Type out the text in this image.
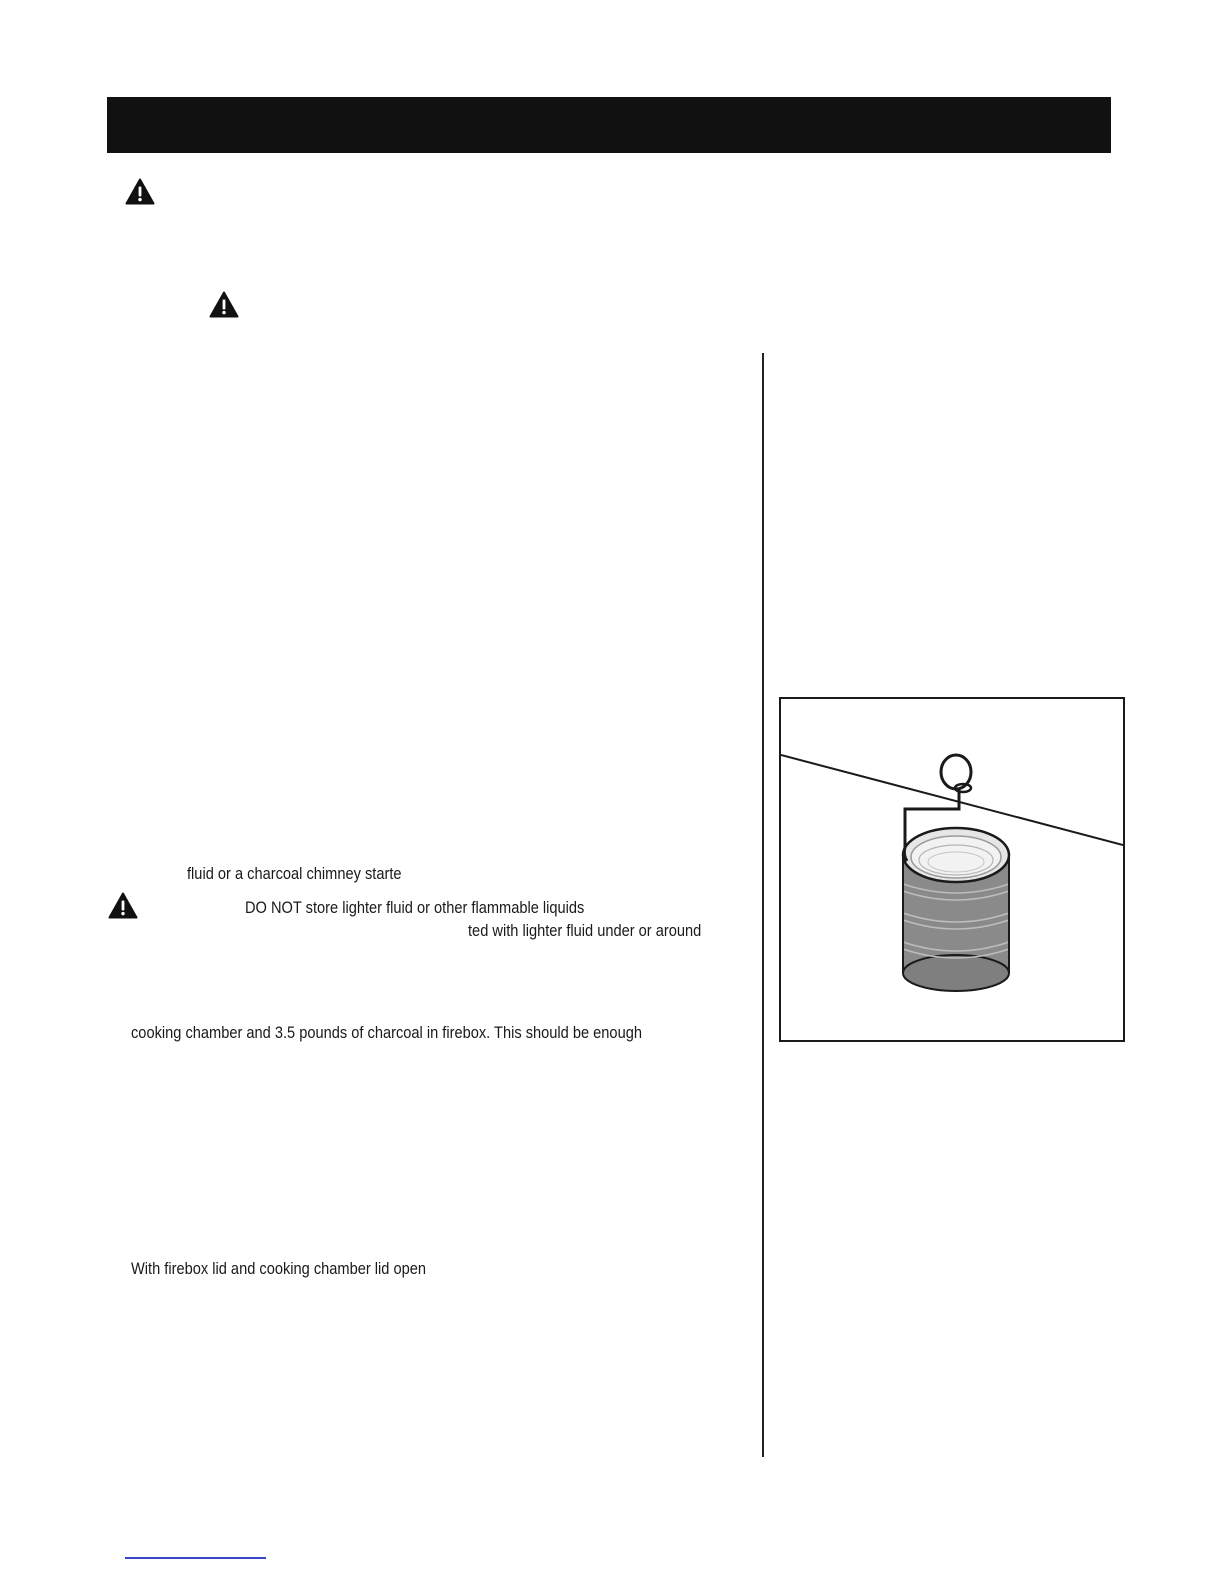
fluid or a charcoal chimney starte
DO NOT store lighter fluid or other flammable liquids
ted with lighter fluid under or around
cooking chamber and 3.5 pounds of charcoal in firebox. This should be enough
With firebox lid and cooking chamber lid open
